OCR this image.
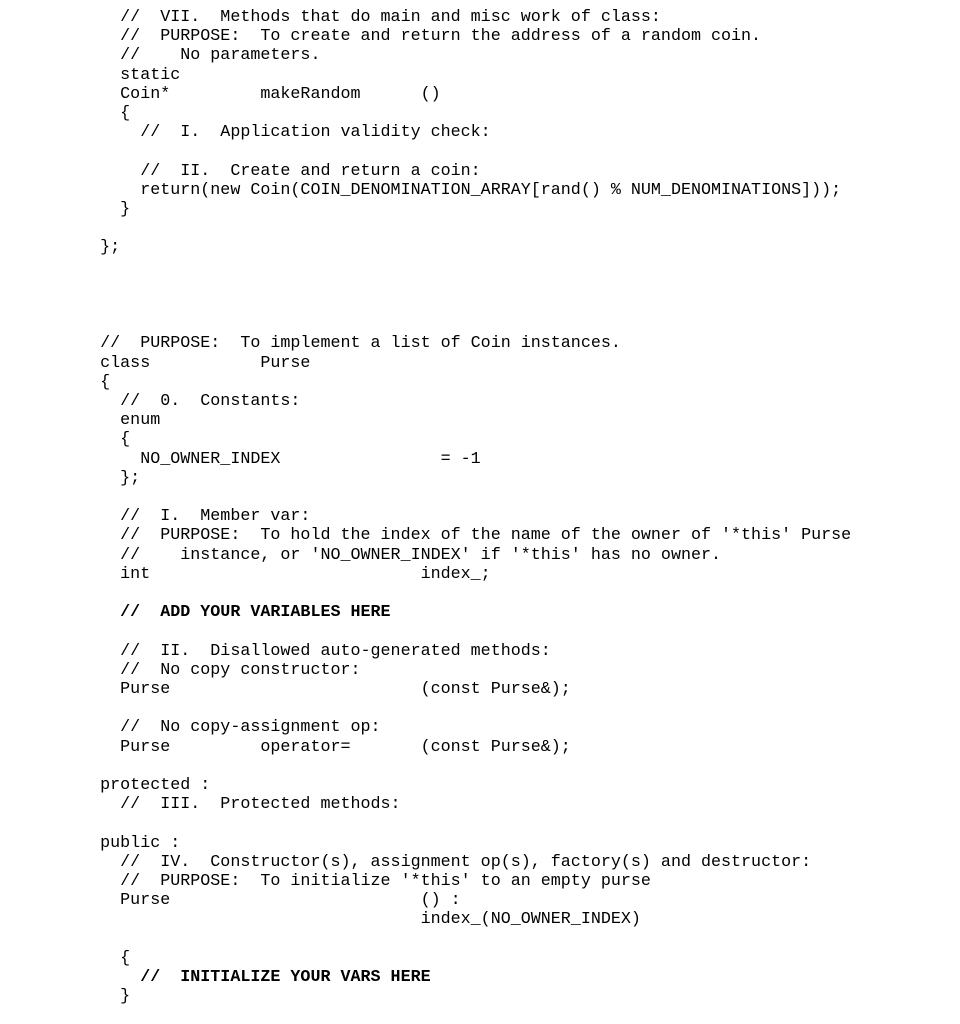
//  VII.  Methods that do main and misc work of class:
//  PURPOSE:  To create and return the address of a random coin.
//    No parameters.
static
Coin*         makeRandom      ()
{
//  I.  Application validity check:
//  II.  Create and return a coin:
return(new Coin(COIN_DENOMINATION_ARRAY[rand() % NUM_DENOMINATIONS]));
}
};
//  PURPOSE:  To implement a list of Coin instances.
class           Purse
{
//  0.  Constants:
enum
{
NO_OWNER_INDEX                = -1
};
//  I.  Member var:
//  PURPOSE:  To hold the index of the name of the owner of '*this' Purse
//    instance, or 'NO_OWNER_INDEX' if '*this' has no owner.
int                           index_;
//  ADD YOUR VARIABLES HERE
//  II.  Disallowed auto-generated methods:
//  No copy constructor:
Purse                         (const Purse&);
//  No copy-assignment op:
Purse         operator=       (const Purse&);
protected :
//  III.  Protected methods:
public :
//  IV.  Constructor(s), assignment op(s), factory(s) and destructor:
//  PURPOSE:  To initialize '*this' to an empty purse
Purse                         () :
index_(NO_OWNER_INDEX)
{
//  INITIALIZE YOUR VARS HERE
}
